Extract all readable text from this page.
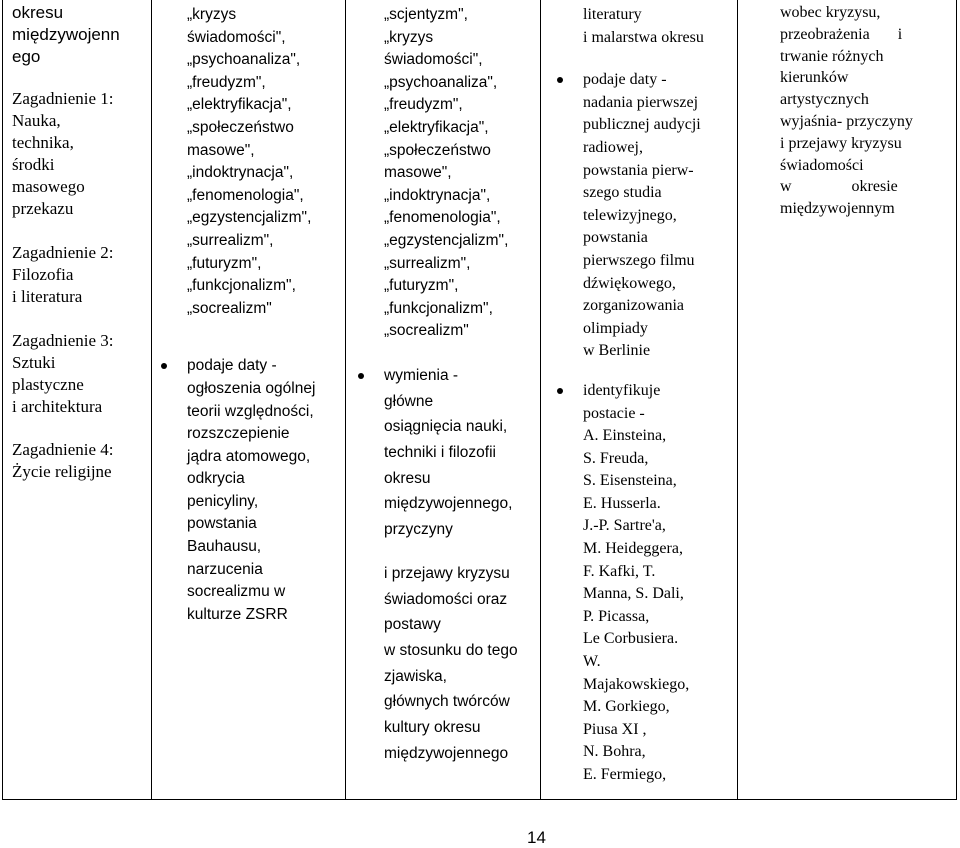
okresu
międzywojenn
ego
Zagadnienie 1:
Nauka,
technika,
środki
masowego
przekazu
Zagadnienie 2:
Filozofia
i literatura
Zagadnienie 3:
Sztuki
plastyczne
i architektura
Zagadnienie 4:
Życie religijne
„kryzys
świadomości",
„psychoanaliza",
„freudyzm",
„elektryfikacja",
„społeczeństwo
masowe",
„indoktrynacja",
„fenomenologia",
„egzystencjalizm",
„surrealizm",
„futuryzm",
„funkcjonalizm",
„socrealizm"
podaje daty -
ogłoszenia ogólnej
teorii względności,
rozszczepienie
jądra atomowego,
odkrycia
penicyliny,
powstania
Bauhausu,
narzucenia
socrealizmu w
kulturze ZSRR
„scjentyzm",
„kryzys
świadomości",
„psychoanaliza",
„freudyzm",
„elektryfikacja",
„społeczeństwo
masowe",
„indoktrynacja",
„fenomenologia",
„egzystencjalizm",
„surrealizm",
„futuryzm",
„funkcjonalizm",
„socrealizm"
wymienia -
główne
osiągnięcia nauki,
techniki i filozofii
okresu
międzywojennego,
przyczyny
i przejawy kryzysu
świadomości oraz
postawy
w stosunku do tego
zjawiska,
głównych twórców
kultury okresu
międzywojennego
literatury
i malarstwa okresu
podaje daty -
nadania pierwszej
publicznej audycji
radiowej,
powstania pierw-
szego studia
telewizyjnego,
powstania
pierwszego filmu
dźwiękowego,
zorganizowania
olimpiady
w Berlinie
identyfikuje
postacie -
A. Einsteina,
S. Freuda,
S. Eisensteina,
E. Husserla.
J.-P. Sartre'a,
M. Heideggera,
F. Kafki, T.
Manna, S. Dali,
P. Picassa,
Le Corbusiera.
W.
Majakowskiego,
M. Gorkiego,
Piusa XI ,
N. Bohra,
E. Fermiego,
wobec kryzysu,
przeobrażenia       i
trwanie różnych
kierunków
artystycznych
wyjaśnia- przyczyny
i przejawy kryzysu
świadomości
w               okresie
międzywojennym
14
